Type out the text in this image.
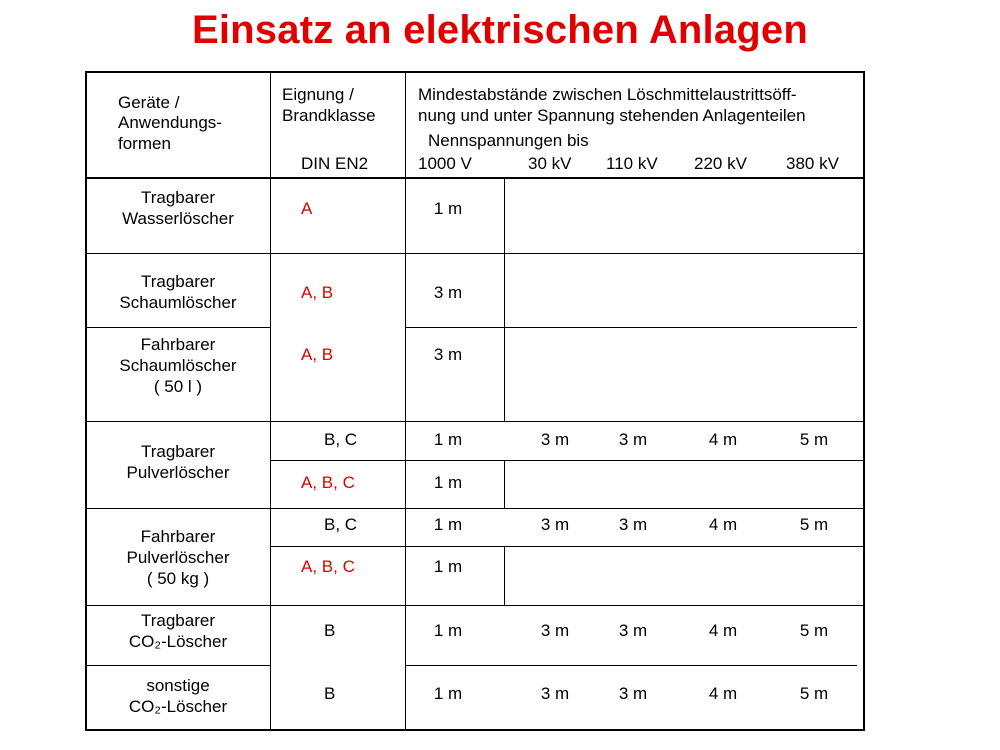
Einsatz an elektrischen Anlagen
Geräte /
Anwendungs-
formen
Eignung /
Brandklasse
DIN EN2
Mindestabstände zwischen Löschmittelaustrittsöff-
nung und unter Spannung stehenden Anlagenteilen
Nennspannungen bis
1000 V	30 kV 110 kV 220 kV 380 kV
Tragbarer
Wasserlöscher
A	1 m
Tragbarer
Schaumlöscher
A, B	3 m
Fahrbarer
Schaumlöscher
( 50 l )
A, B	3 m
Tragbarer
Pulverlöscher
B, C	1 m	3 m	3 m	4 m	5 m
A, B, C	1 m
Fahrbarer
Pulverlöscher
( 50 kg )
B, C	1 m	3 m	3 m	4 m	5 m
A, B, C	1 m
Tragbarer
CO₂-Löscher
B	1 m	3 m	3 m	4 m	5 m
sonstige
CO₂-Löscher
B	1 m	3 m	3 m	4 m	5 m
